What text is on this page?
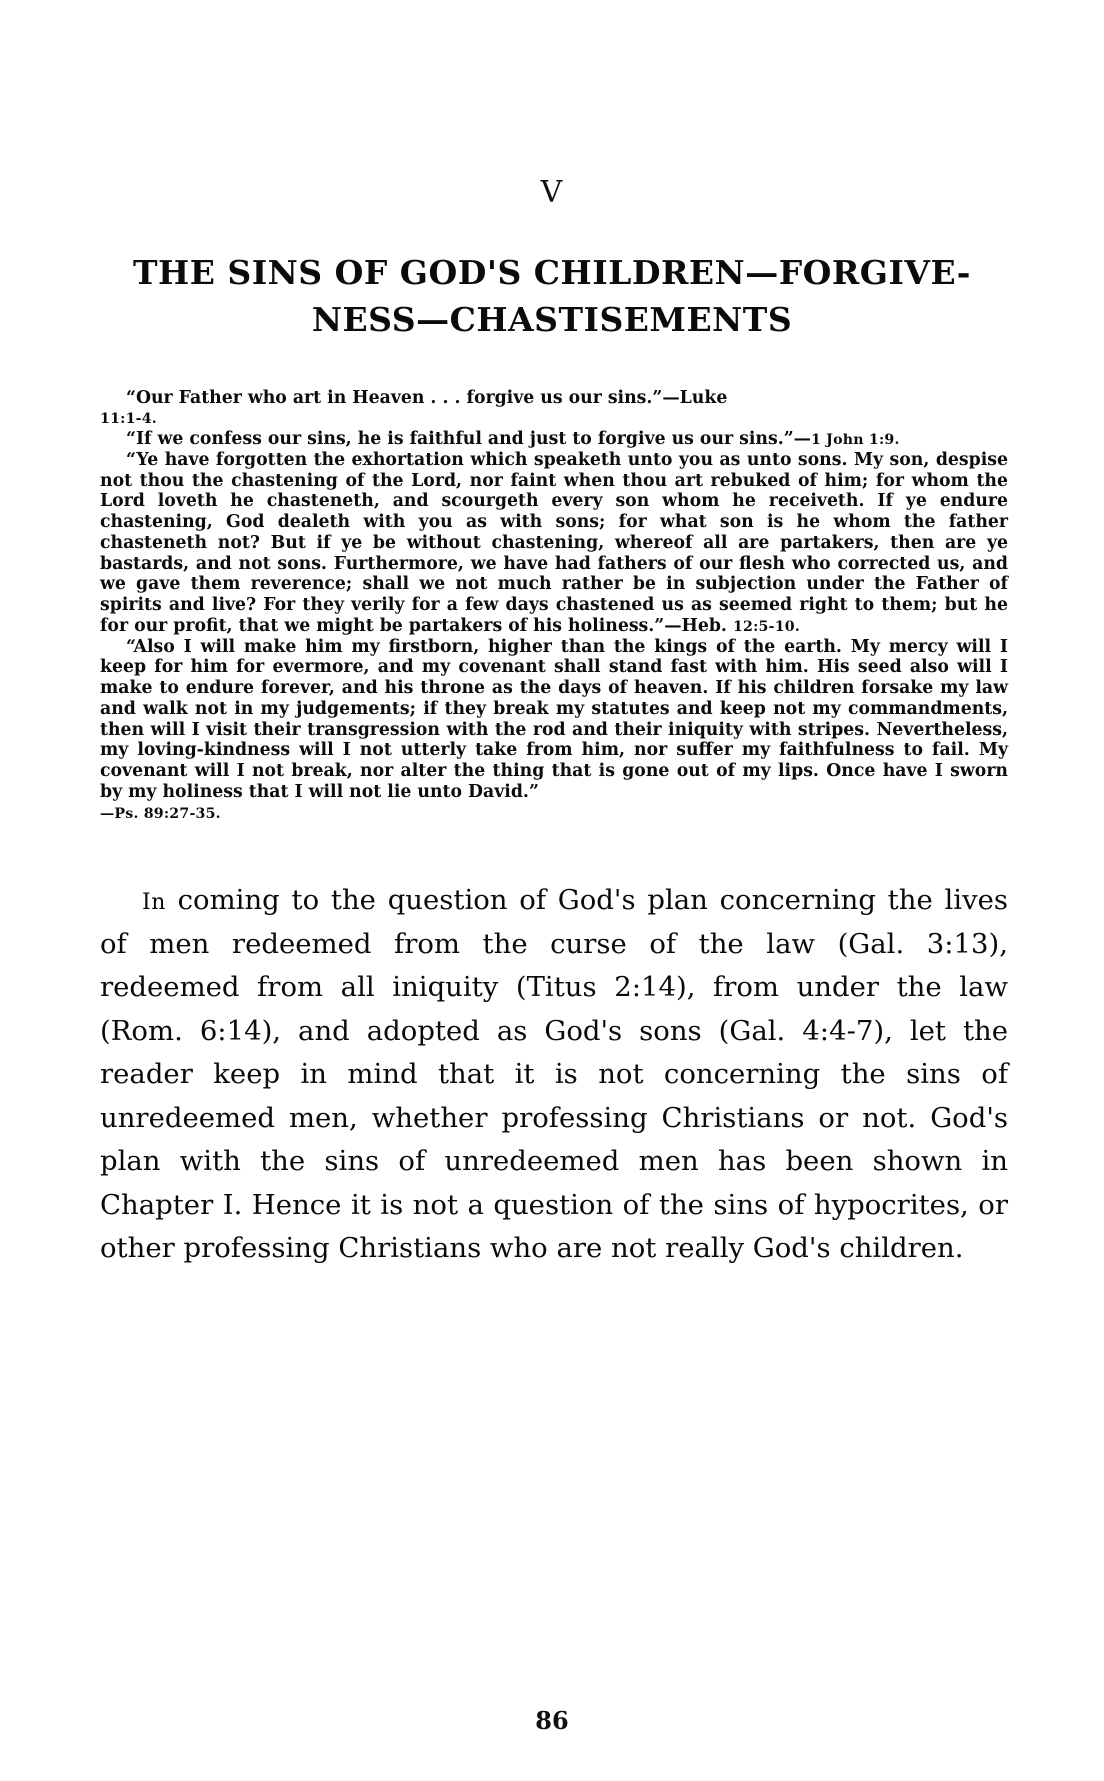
V
THE SINS OF GOD'S CHILDREN—FORGIVE-
NESS—CHASTISEMENTS

“Our Father who art in Heaven . . . forgive us our sins.”—Luke

11:1-4.

“If we confess our sins, he is faithful and just to forgive us our sins.”—1 John 1:9.

“Ye have forgotten the exhortation which speaketh unto you as unto sons. My son, despise not thou the chastening of the Lord, nor faint when thou art rebuked of him; for whom the Lord loveth he chasteneth, and scourgeth every son whom he receiveth. If ye endure chastening, God dealeth with you as with sons; for what son is he whom the father chasteneth not? But if ye be without chastening, whereof all are partakers, then are ye bastards, and not sons. Furthermore, we have had fathers of our flesh who corrected us, and we gave them reverence; shall we not much rather be in subjection under the Father of spirits and live? For they verily for a few days chastened us as seemed right to them; but he for our profit, that we might be partakers of his holiness.”—Heb. 12:5-10.

“Also I will make him my firstborn, higher than the kings of the earth. My mercy will I keep for him for evermore, and my covenant shall stand fast with him. His seed also will I make to endure forever, and his throne as the days of heaven. If his children forsake my law and walk not in my judgements; if they break my statutes and keep not my commandments, then will I visit their transgression with the rod and their iniquity with stripes. Nevertheless, my loving-kindness will I not utterly take from him, nor suffer my faithfulness to fail. My covenant will I not break, nor alter the thing that is gone out of my lips. Once have I sworn by my holiness that I will not lie unto David.”

—Ps. 89:27-35.

In coming to the question of God's plan concerning the lives of men redeemed from the curse of the law (Gal. 3:13), redeemed from all iniquity (Titus 2:14), from under the law (Rom. 6:14), and adopted as God's sons (Gal. 4:4-7), let the reader keep in mind that it is not concerning the sins of unredeemed men, whether professing Christians or not. God's plan with the sins of unredeemed men has been shown in Chapter I. Hence it is not a question of the sins of hypocrites, or other professing Christians who are not really God's children.

86
